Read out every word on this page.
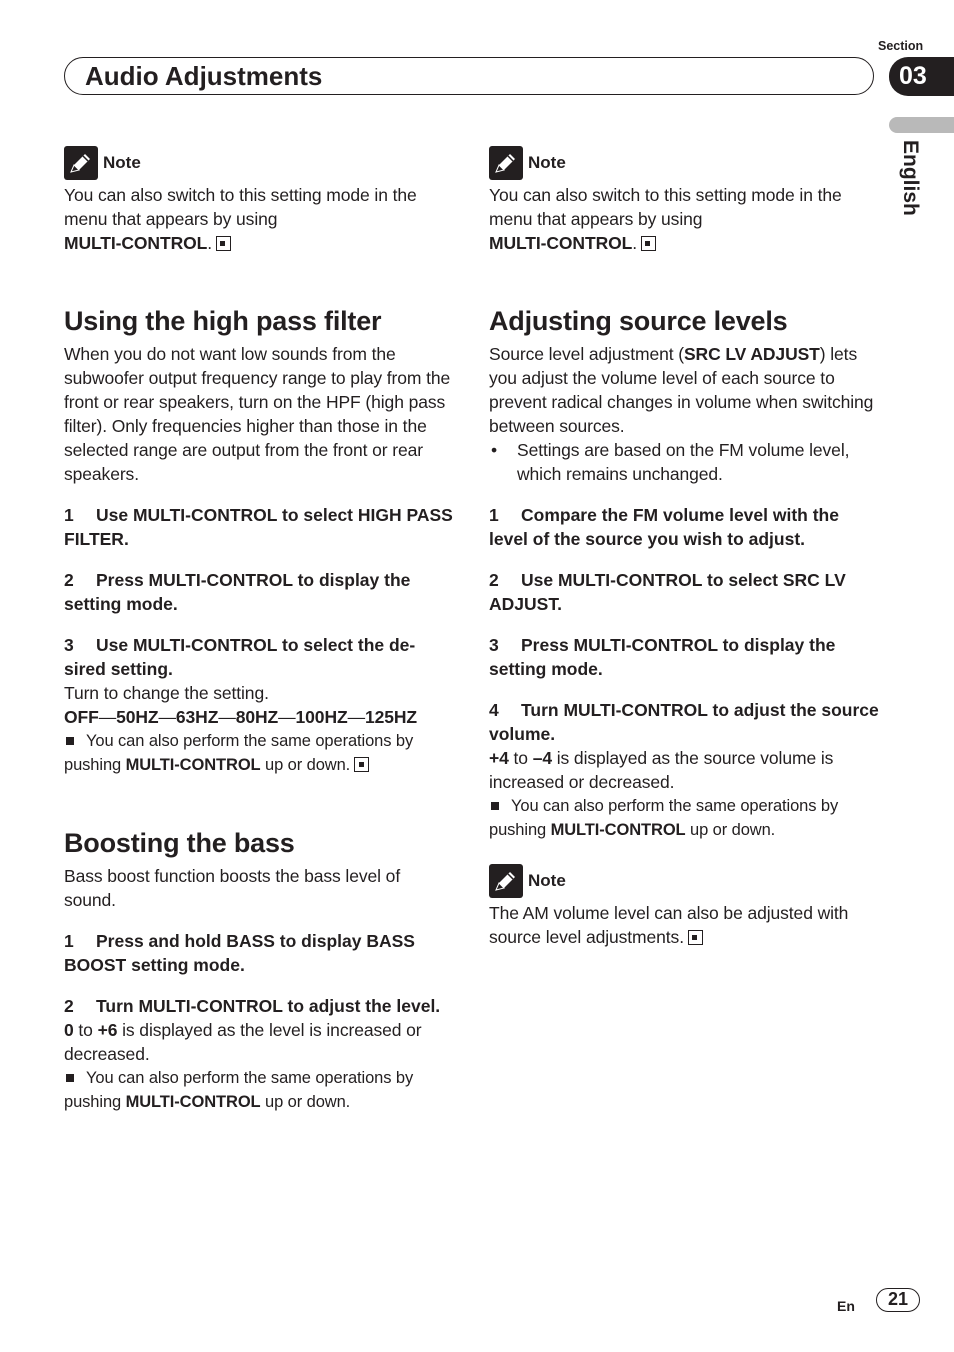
Section
Audio Adjustments	03
English
Note

You can also switch to this setting mode in the menu that appears by using
MULTI-CONTROL.

Using the high pass filter

When you do not want low sounds from the subwoofer output frequency range to play from the front or rear speakers, turn on the HPF (high pass filter). Only frequencies higher than those in the selected range are output from the front or rear speakers.

1 Use MULTI-CONTROL to select HIGH PASS FILTER.

2 Press MULTI-CONTROL to display the setting mode.

3 Use MULTI-CONTROL to select the de-sired setting.

Turn to change the setting.

OFF—50HZ—63HZ—80HZ—100HZ—125HZ

You can also perform the same operations by pushing MULTI-CONTROL up or down.

Boosting the bass

Bass boost function boosts the bass level of sound.

1 Press and hold BASS to display BASS BOOST setting mode.

2 Turn MULTI-CONTROL to adjust the level.

0 to +6 is displayed as the level is increased or decreased.

You can also perform the same operations by pushing MULTI-CONTROL up or down.

Note

You can also switch to this setting mode in the menu that appears by using
MULTI-CONTROL.

Adjusting source levels

Source level adjustment (SRC LV ADJUST) lets you adjust the volume level of each source to prevent radical changes in volume when switching between sources.

•	Settings are based on the FM volume level, which remains unchanged.

1 Compare the FM volume level with the level of the source you wish to adjust.

2 Use MULTI-CONTROL to select SRC LV ADJUST.

3 Press MULTI-CONTROL to display the setting mode.

4 Turn MULTI-CONTROL to adjust the source volume.

+4 to –4 is displayed as the source volume is increased or decreased.

You can also perform the same operations by pushing MULTI-CONTROL up or down.

Note

The AM volume level can also be adjusted with source level adjustments.

En	21
